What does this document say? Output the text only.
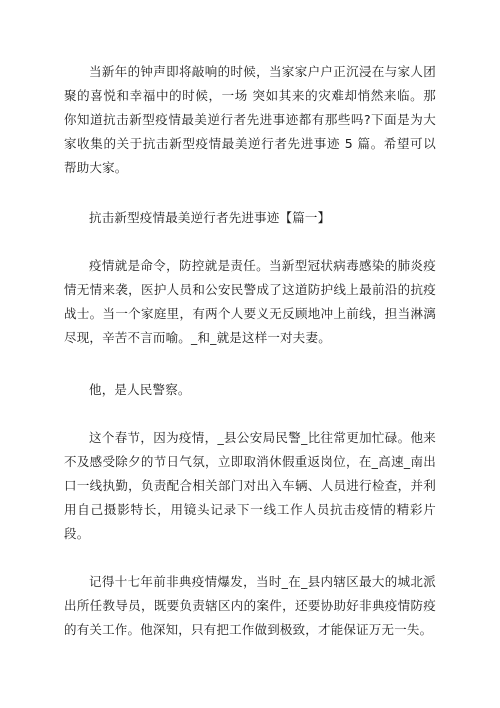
当新年的钟声即将敲响的时候，当家家户户正沉浸在与家人团聚的喜悦和幸福中的时候，一场 突如其来的灾难却悄然来临。那你知道抗击新型疫情最美逆行者先进事迹都有那些吗?下面是为大家收集的关于抗击新型疫情最美逆行者先进事迹 5 篇。希望可以帮助大家。

抗击新型疫情最美逆行者先进事迹【篇一】

疫情就是命令，防控就是责任。当新型冠状病毒感染的肺炎疫情无情来袭，医护人员和公安民警成了这道防护线上最前沿的抗疫战士。当一个家庭里，有两个人要义无反顾地冲上前线，担当淋漓尽现，辛苦不言而喻。_和_就是这样一对夫妻。

他，是人民警察。

这个春节，因为疫情，_县公安局民警_比往常更加忙碌。他来不及感受除夕的节日气氛，立即取消休假重返岗位，在_高速_南出口一线执勤，负责配合相关部门对出入车辆、人员进行检查，并利用自己摄影特长，用镜头记录下一线工作人员抗击疫情的精彩片段。

记得十七年前非典疫情爆发，当时_在_县内辖区最大的城北派出所任教导员，既要负责辖区内的案件，还要协助好非典疫情防疫的有关工作。他深知，只有把工作做到极致，才能保证万无一失。
